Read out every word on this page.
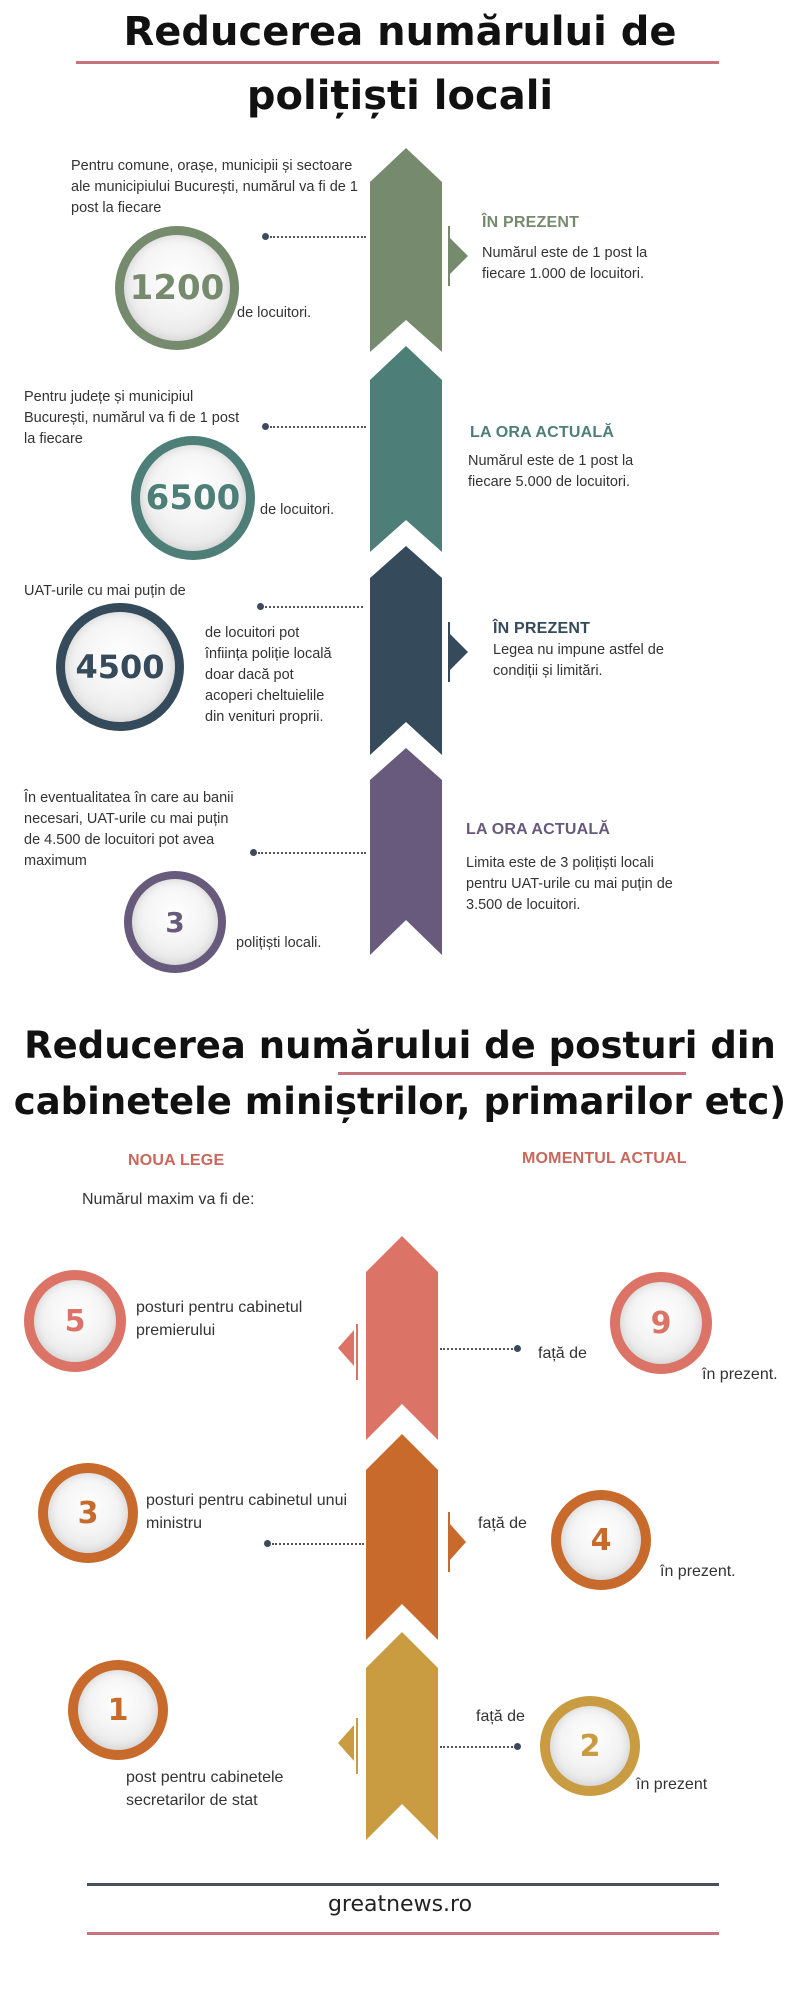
Reducerea numărului de
polițiști locali
Pentru comune, orașe, municipii și sectoare ale municipiului București, numărul va fi de 1 post la fiecare
1200
de locuitori.
ÎN PREZENT
Numărul este de 1 post la fiecare 1.000 de locuitori.
Pentru județe și municipiul București, numărul va fi de 1 post la fiecare
6500	de locuitori.
LA ORA ACTUALĂ
Numărul este de 1 post la fiecare 5.000 de locuitori.
UAT-urile cu mai puțin de
4500
de locuitori pot înființa poliție locală doar dacă pot acoperi cheltuielile din venituri proprii.
ÎN PREZENT
Legea nu impune astfel de condiții și limitări.
În eventualitatea în care au banii necesari, UAT-urile cu mai puțin de 4.500 de locuitori pot avea maximum
3
polițiști locali.
LA ORA ACTUALĂ
Limita este de 3 polițiști locali pentru UAT-urile cu mai puțin de 3.500 de locuitori.
Reducerea numărului de posturi din
cabinetele miniștrilor, primarilor etc)
NOUA LEGE	MOMENTUL ACTUAL
Numărul maxim va fi de:
5	posturi pentru cabinetul premierului
față de
9
în prezent.
3	posturi pentru cabinetul unui ministru	față de	4
în prezent.
1
post pentru cabinetele secretarilor de stat
față de
2
în prezent
greatnews.ro
